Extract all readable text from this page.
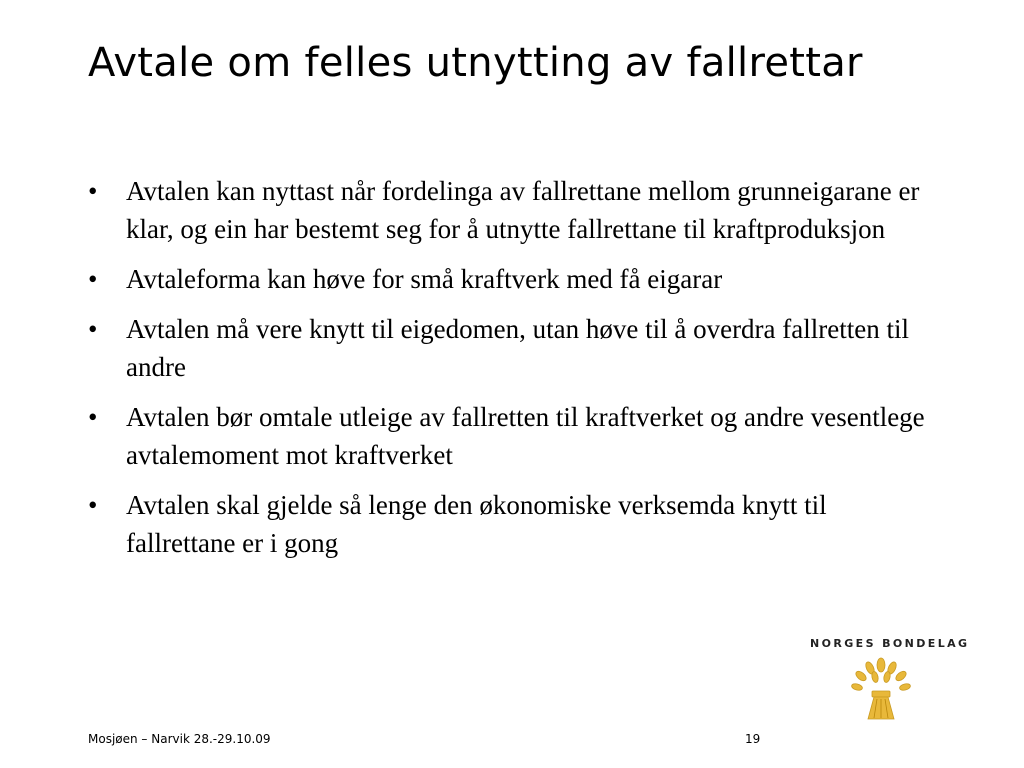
Avtale om felles utnytting av fallrettar
•	Avtalen kan nyttast når fordelinga av fallrettane mellom grunneigarane er klar, og ein har bestemt seg for å utnytte fallrettane til kraftproduksjon
•	Avtaleforma kan høve for små kraftverk med få eigarar
•	Avtalen må vere knytt til eigedomen, utan høve til å overdra fallretten til andre
•	Avtalen bør omtale utleige av fallretten til kraftverket og andre vesentlege avtalemoment mot kraftverket
•	Avtalen skal gjelde så lenge den økonomiske verksemda knytt til fallrettane er i gong
NORGES BONDELAG
Mosjøen – Narvik 28.-29.10.09	19
